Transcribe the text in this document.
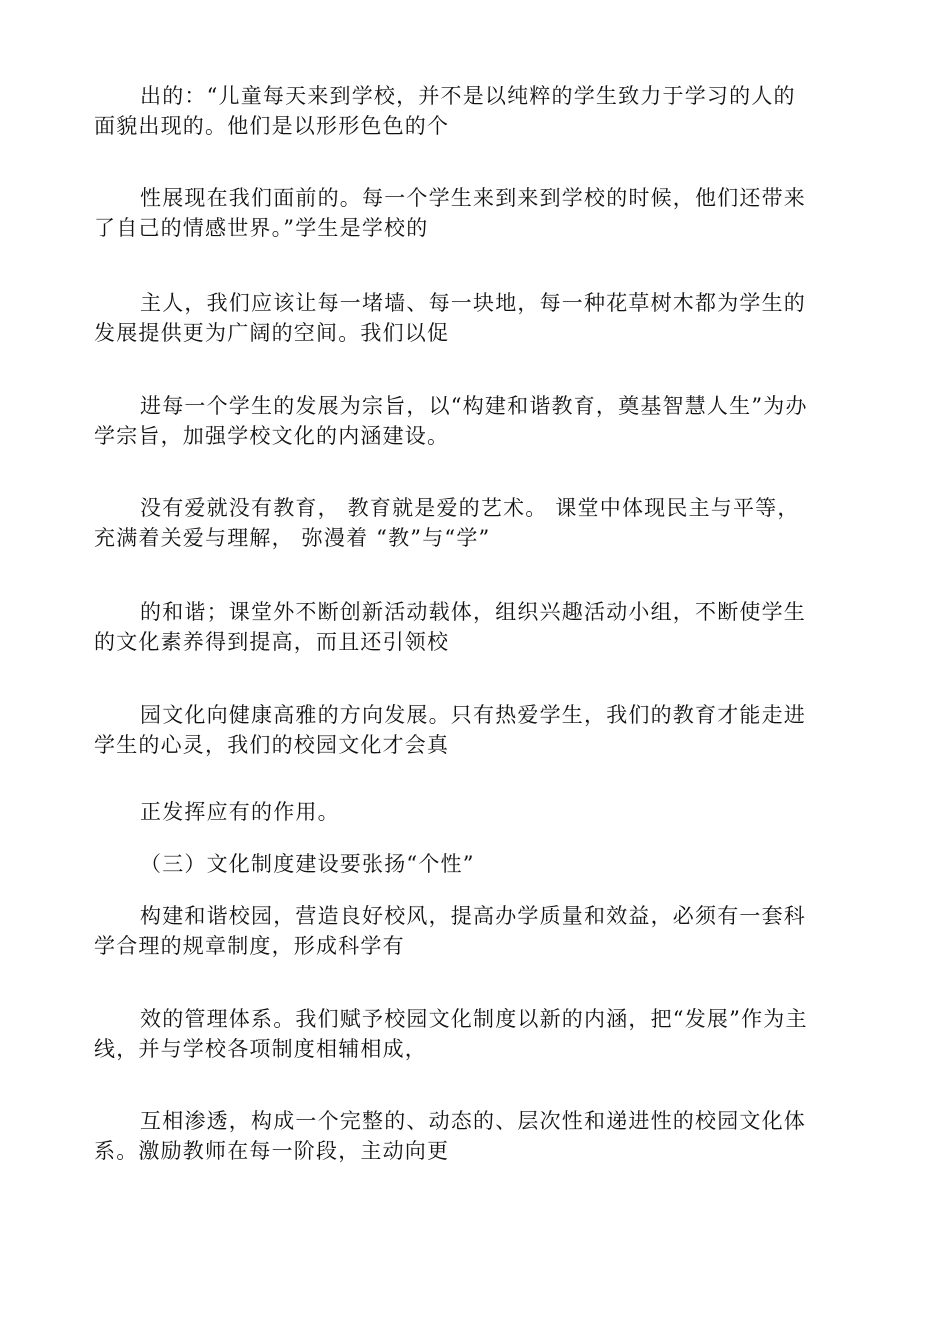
出的：“儿童每天来到学校，并不是以纯粹的学生致力于学习的人的
面貌出现的。他们是以形形色色的个
性展现在我们面前的。每一个学生来到来到学校的时候，他们还带来
了自己的情感世界。”学生是学校的
主人，我们应该让每一堵墙、每一块地，每一种花草树木都为学生的
发展提供更为广阔的空间。我们以促
进每一个学生的发展为宗旨，以“构建和谐教育，奠基智慧人生”为办
学宗旨，加强学校文化的内涵建设。
没有爱就没有教育， 教育就是爱的艺术。 课堂中体现民主与平等，
充满着关爱与理解， 弥漫着 “教”与“学”
的和谐；课堂外不断创新活动载体，组织兴趣活动小组，不断使学生
的文化素养得到提高，而且还引领校
园文化向健康高雅的方向发展。只有热爱学生，我们的教育才能走进
学生的心灵，我们的校园文化才会真
正发挥应有的作用。
（三）文化制度建设要张扬“个性”
构建和谐校园，营造良好校风，提高办学质量和效益，必须有一套科
学合理的规章制度，形成科学有
效的管理体系。我们赋予校园文化制度以新的内涵，把“发展”作为主
线，并与学校各项制度相辅相成，
互相渗透，构成一个完整的、动态的、层次性和递进性的校园文化体
系。激励教师在每一阶段，主动向更
